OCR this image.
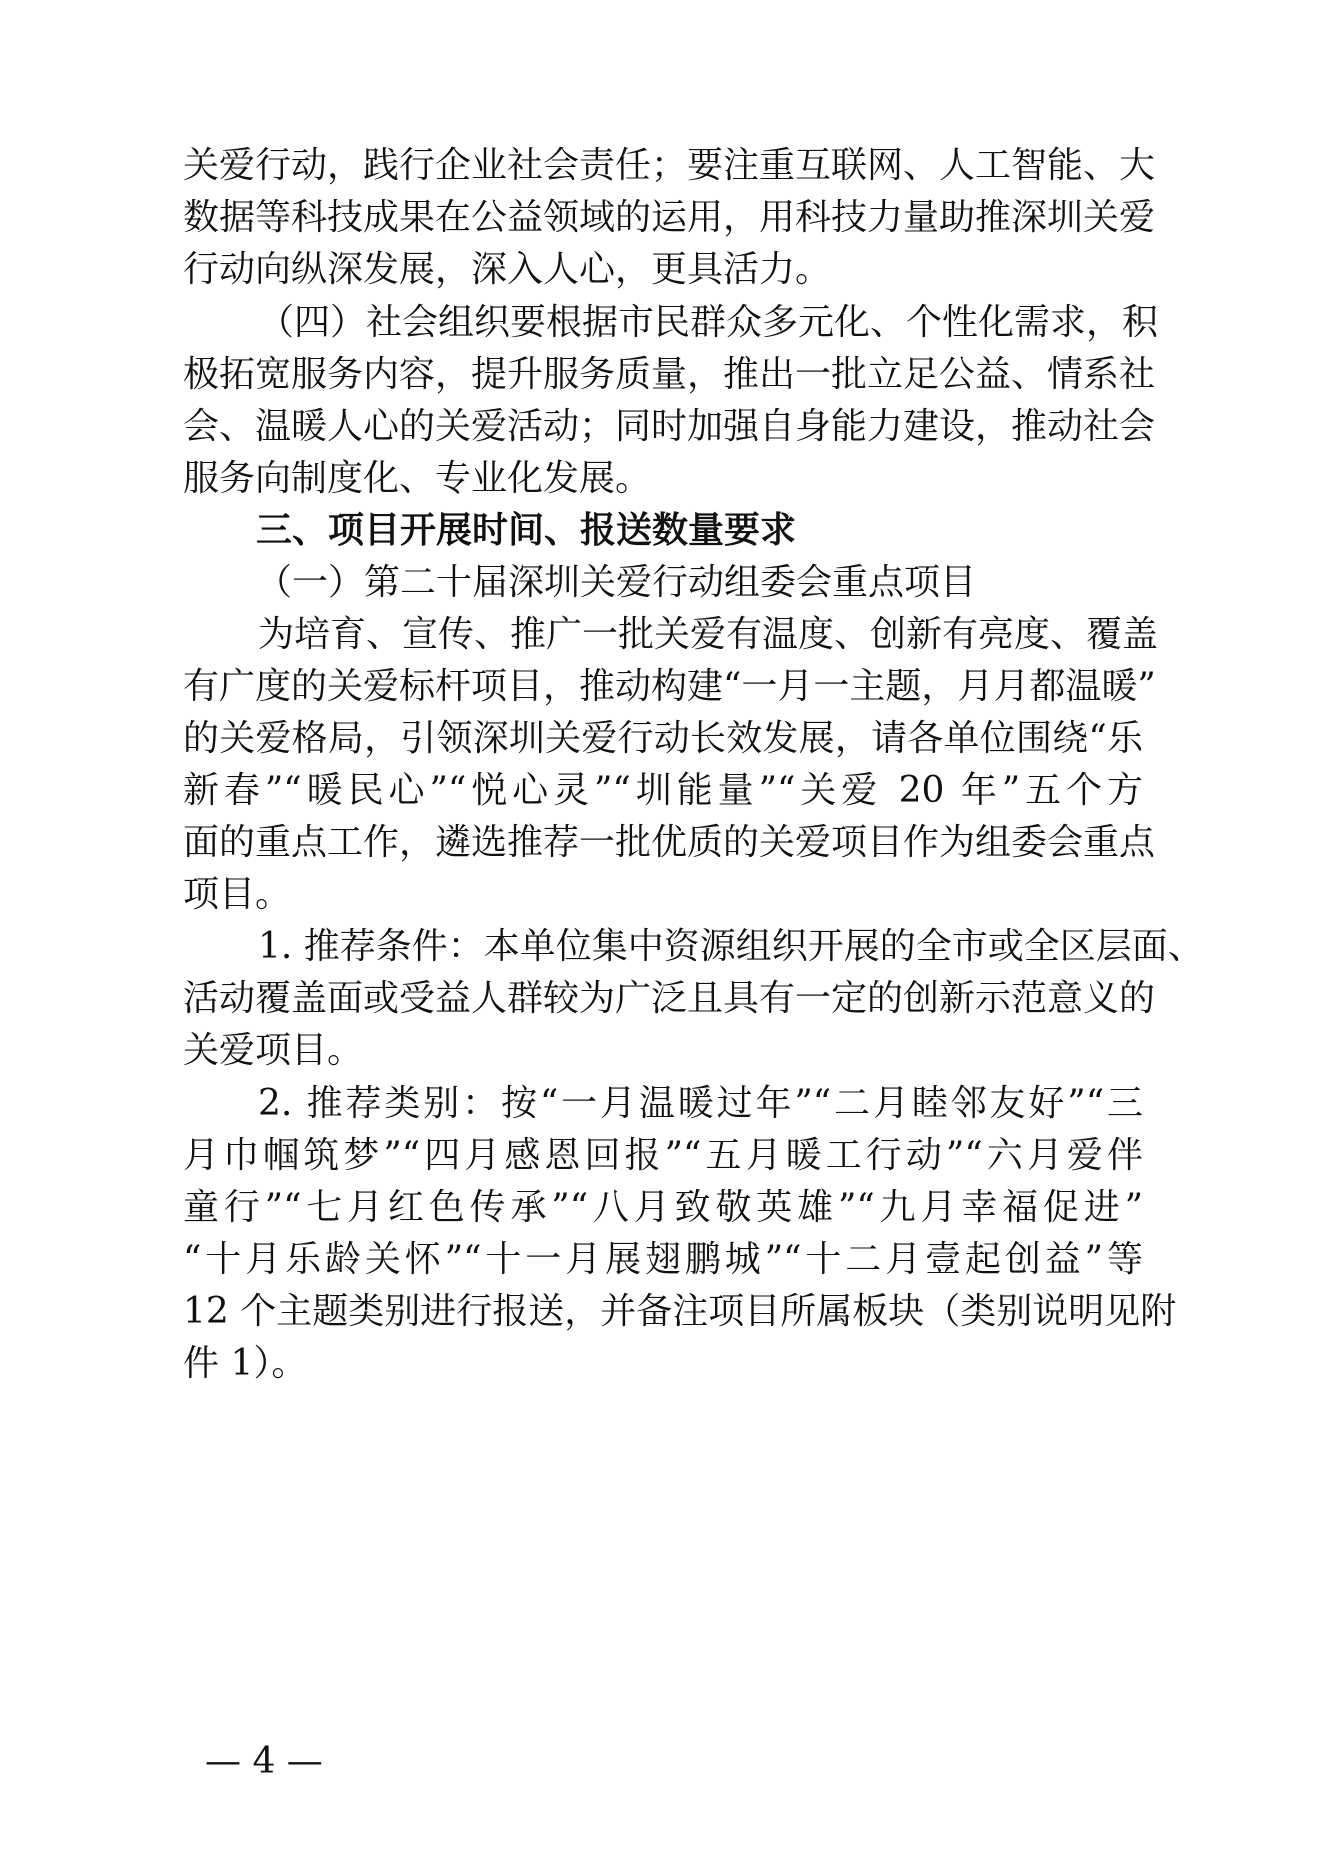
关爱行动，践行企业社会责任；要注重互联网、人工智能、大
数据等科技成果在公益领域的运用，用科技力量助推深圳关爱
行动向纵深发展，深入人心，更具活力。
（四）社会组织要根据市民群众多元化、个性化需求，积
极拓宽服务内容，提升服务质量，推出一批立足公益、情系社
会、温暖人心的关爱活动；同时加强自身能力建设，推动社会
服务向制度化、专业化发展。
三、项目开展时间、报送数量要求
（一）第二十届深圳关爱行动组委会重点项目
为培育、宣传、推广一批关爱有温度、创新有亮度、覆盖
有广度的关爱标杆项目，推动构建“一月一主题，月月都温暖”
的关爱格局，引领深圳关爱行动长效发展，请各单位围绕“乐
新春”“暖民心”“悦心灵”“圳能量”“关爱 20 年”五个方
面的重点工作，遴选推荐一批优质的关爱项目作为组委会重点
项目。
1. 推荐条件：本单位集中资源组织开展的全市或全区层面、
活动覆盖面或受益人群较为广泛且具有一定的创新示范意义的
关爱项目。
2. 推荐类别：按“一月温暖过年”“二月睦邻友好”“三
月巾帼筑梦”“四月感恩回报”“五月暖工行动”“六月爱伴
童行”“七月红色传承”“八月致敬英雄”“九月幸福促进”
“十月乐龄关怀”“十一月展翅鹏城”“十二月壹起创益”等
12 个主题类别进行报送，并备注项目所属板块（类别说明见附
件 1）。
— 4 —
